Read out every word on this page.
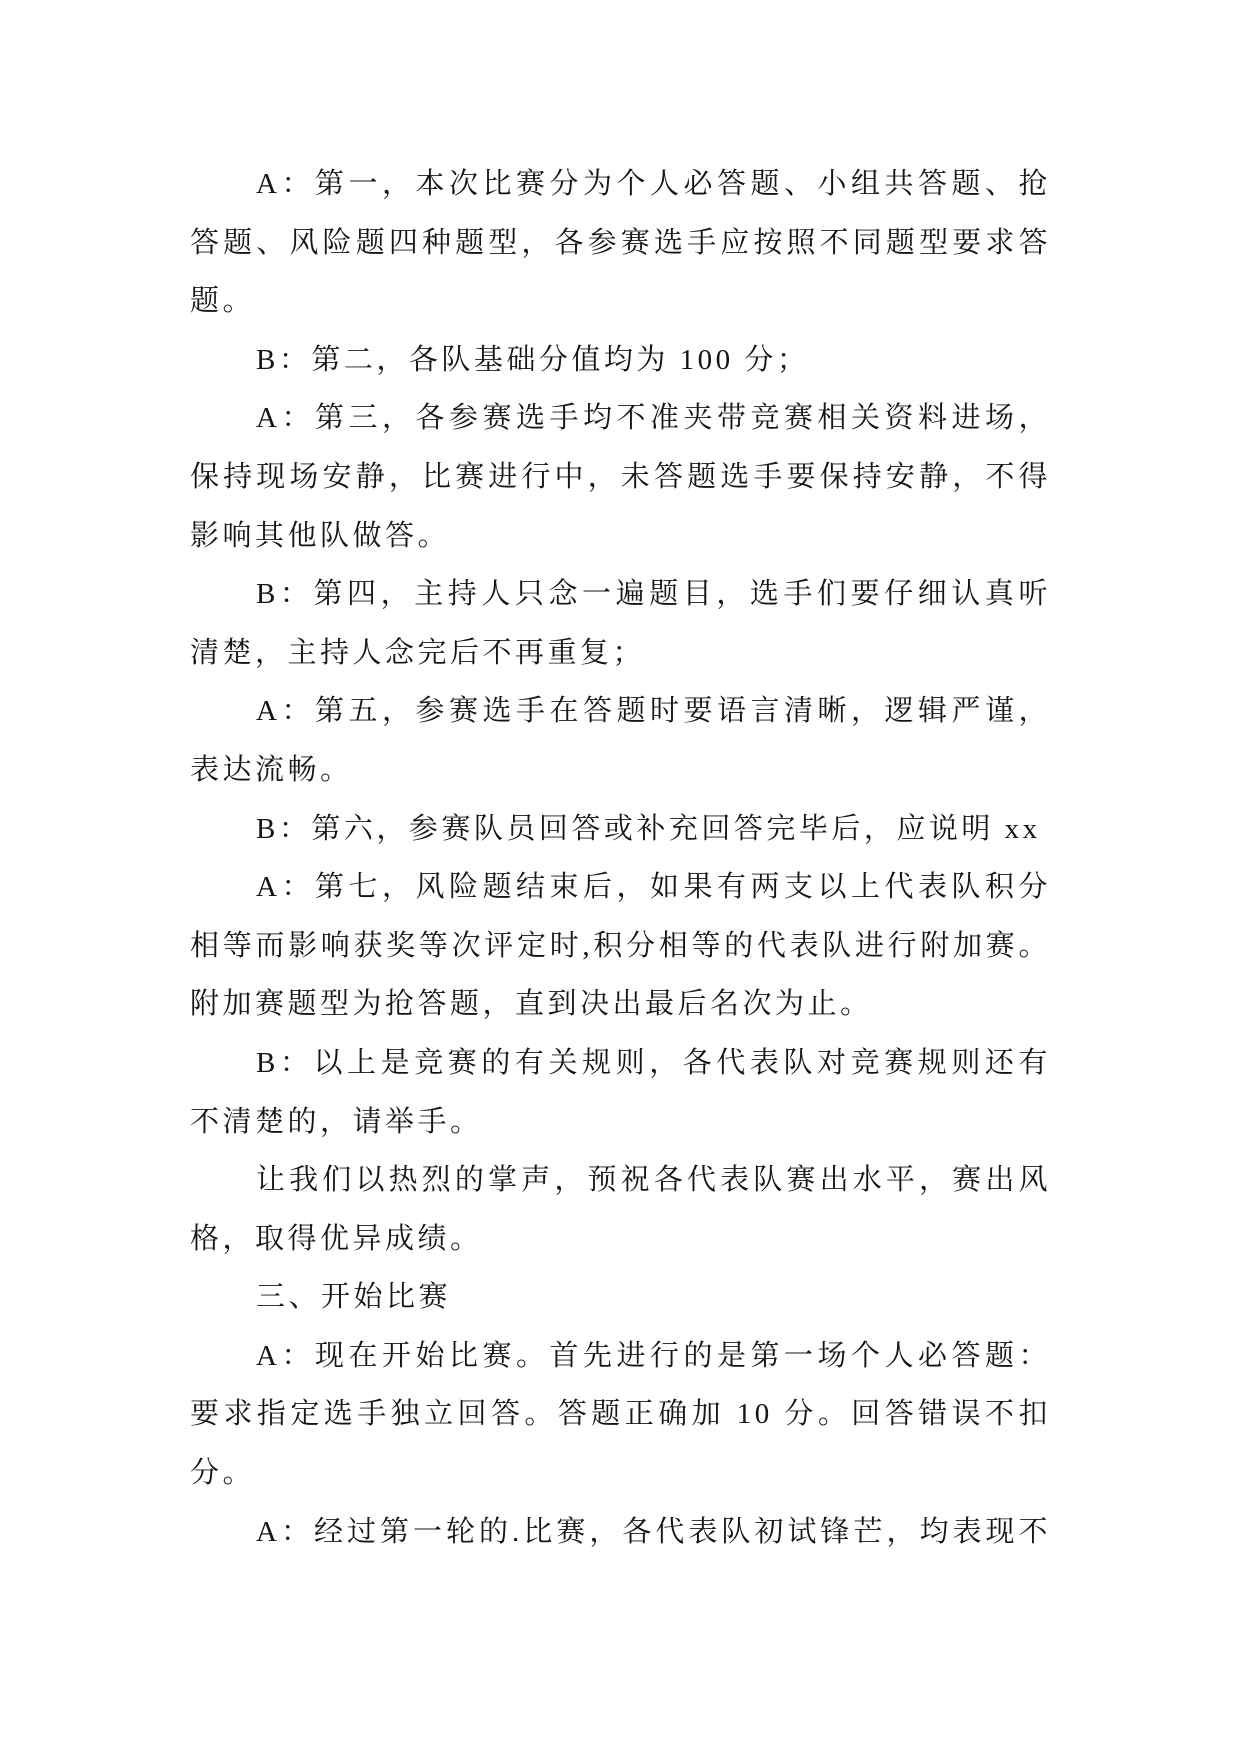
A：第一，本次比赛分为个人必答题、小组共答题、抢
答题、风险题四种题型，各参赛选手应按照不同题型要求答
题。
B：第二，各队基础分值均为 100 分；
A：第三，各参赛选手均不准夹带竞赛相关资料进场，
保持现场安静，比赛进行中，未答题选手要保持安静，不得
影响其他队做答。
B：第四，主持人只念一遍题目，选手们要仔细认真听
清楚，主持人念完后不再重复；
A：第五，参赛选手在答题时要语言清晰，逻辑严谨，
表达流畅。
B：第六，参赛队员回答或补充回答完毕后，应说明 xx
A：第七，风险题结束后，如果有两支以上代表队积分
相等而影响获奖等次评定时,积分相等的代表队进行附加赛。
附加赛题型为抢答题，直到决出最后名次为止。
B：以上是竞赛的有关规则，各代表队对竞赛规则还有
不清楚的，请举手。
让我们以热烈的掌声，预祝各代表队赛出水平，赛出风
格，取得优异成绩。
三、开始比赛
A：现在开始比赛。首先进行的是第一场个人必答题：
要求指定选手独立回答。答题正确加 10 分。回答错误不扣
分。
A：经过第一轮的.比赛，各代表队初试锋芒，均表现不
